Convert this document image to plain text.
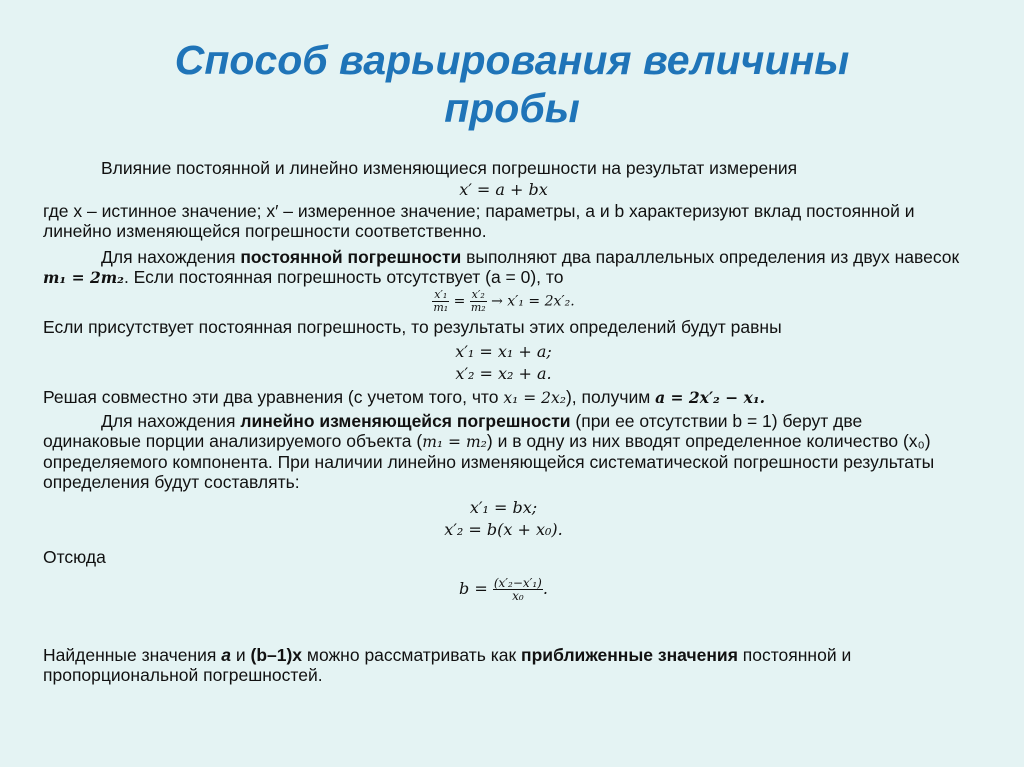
Способ варьирования величины
пробы

Влияние постоянной и линейно изменяющиеся погрешности на результат измерения

x′ = a + bx

где x – истинное значение; x′ – измеренное значение; параметры, a и b характеризуют вклад постоянной и линейно изменяющейся погрешности соответственно.

Для нахождения постоянной погрешности выполняют два параллельных определения из двух навесок m₁ = 2m₂. Если постоянная погрешность отсутствует (a = 0), то

$\frac{\text{x′₁}}{\text{m₁}} = \frac{\text{x′₂}}{\text{m₂}} \to x'_1 = 2x'_2$.

Если присутствует постоянная погрешность, то результаты этих определений будут равны

x′₁ = x₁ + a;
x′₂ = x₂ + a.

Решая совместно эти два уравнения (с учетом того, что x₁ = 2x₂), получим a = 2x′₂ − x₁.

Для нахождения линейно изменяющейся погрешности (при ее отсутствии b = 1) берут две одинаковые порции анализируемого объекта (m₁ = m₂) и в одну из них вводят определенное количество (x₀) определяемого компонента. При наличии линейно изменяющейся систематической погрешности результаты определения будут составлять:

x′₁ = bx;
x′₂ = b(x + x₀).

Отсюда

$b = \frac{\text{(x′₂−x′₁)}}{\text{x₀}}$ .

Найденные значения a и (b–1)x можно рассматривать как приближенные значения постоянной и пропорциональной погрешностей.
